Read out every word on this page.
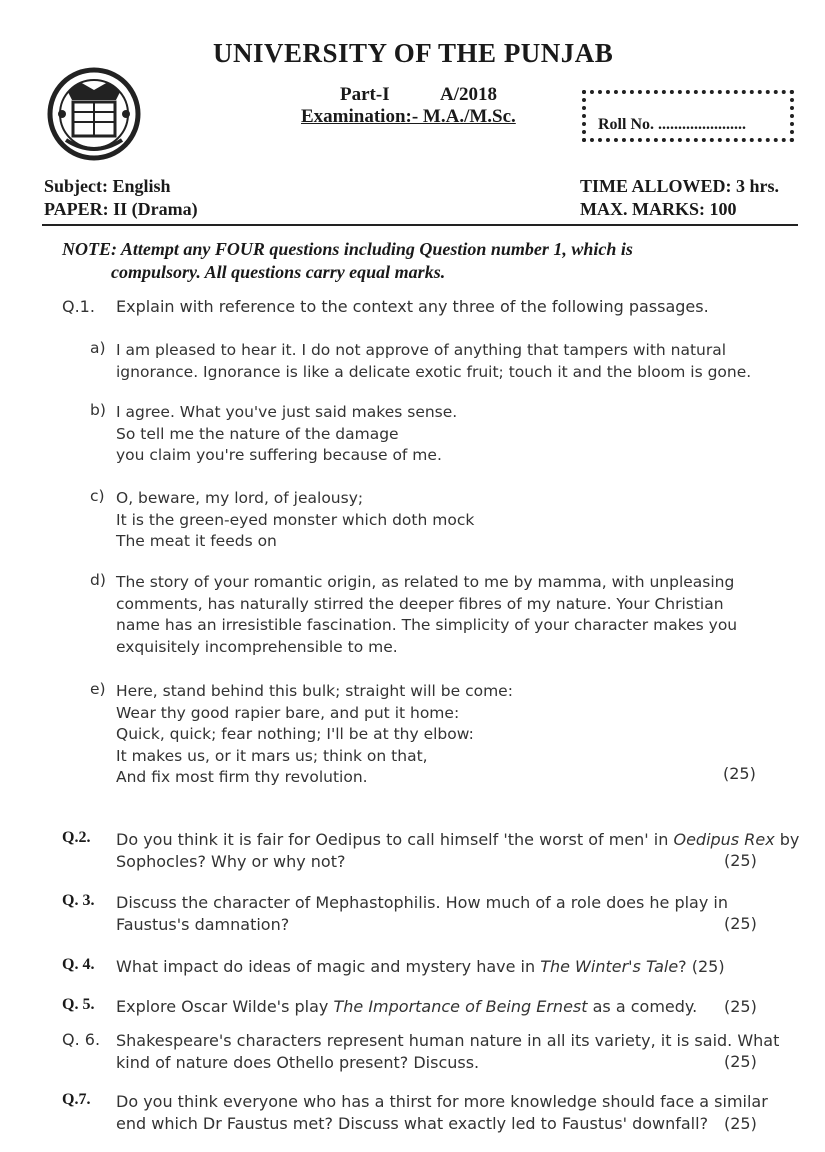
UNIVERSITY OF THE PUNJAB
Part-I	A/2018
Examination:- M.A./M.Sc.	Roll No. ......................
Subject: English
PAPER: II (Drama)
TIME ALLOWED: 3 hrs.
MAX. MARKS: 100
NOTE: Attempt any FOUR questions including Question number 1, which is
compulsory. All questions carry equal marks.
Q.1. Explain with reference to the context any three of the following passages.
a) I am pleased to hear it. I do not approve of anything that tampers with natural
ignorance. Ignorance is like a delicate exotic fruit; touch it and the bloom is gone.
b) I agree. What you've just said makes sense.
So tell me the nature of the damage
you claim you're suffering because of me.
c) O, beware, my lord, of jealousy;
It is the green-eyed monster which doth mock
The meat it feeds on
d) The story of your romantic origin, as related to me by mamma, with unpleasing
comments, has naturally stirred the deeper fibres of my nature. Your Christian
name has an irresistible fascination. The simplicity of your character makes you
exquisitely incomprehensible to me.
e) Here, stand behind this bulk; straight will be come:
Wear thy good rapier bare, and put it home:
Quick, quick; fear nothing; I'll be at thy elbow:
It makes us, or it mars us; think on that,
And fix most firm thy revolution.	(25)
Q.2. Do you think it is fair for Oedipus to call himself 'the worst of men' in Oedipus Rex by
Sophocles? Why or why not?	(25)
Q. 3. Discuss the character of Mephastophilis. How much of a role does he play in
Faustus's damnation?	(25)
Q. 4. What impact do ideas of magic and mystery have in The Winter's Tale? (25)
Q. 5. Explore Oscar Wilde's play The Importance of Being Ernest as a comedy. (25)
Q. 6. Shakespeare's characters represent human nature in all its variety, it is said. What
kind of nature does Othello present? Discuss.	(25)
Q.7. Do you think everyone who has a thirst for more knowledge should face a similar
end which Dr Faustus met? Discuss what exactly led to Faustus' downfall? (25)
